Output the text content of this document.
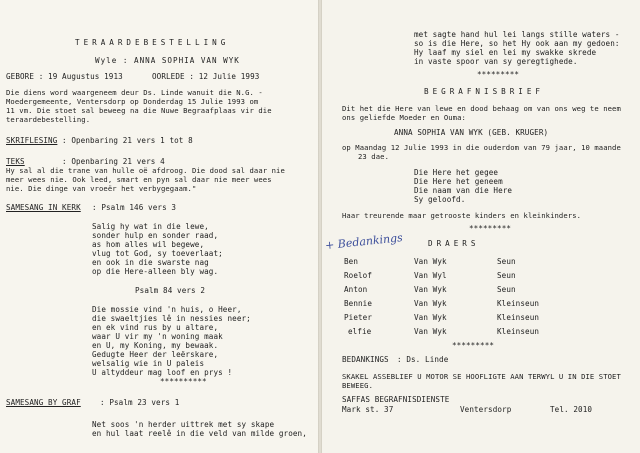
TERAARDEBESTELLING
Wyle : ANNA SOPHIA VAN WYK
GEBORE : 19 Augustus 1913	OORLEDE : 12 Julie 1993
Die diens word waargeneem deur Ds. Linde wanuit die N.G. -
Moedergemeente, Ventersdorp op Donderdag 15 Julie 1993 om
11 vm. Die stoet sal beweeg na die Nuwe Begraafplaas vir die
teraardebestelling.
SKRIFLESING : Openbaring 21 vers 1 tot 8
TEKS	: Openbaring 21 vers 4
Hy sal al die trane van hulle oë afdroog. Die dood sal daar nie
meer wees nie. Ook leed, smart en pyn sal daar nie meer wees
nie. Die dinge van vroeër het verbygegaam."
SAMESANG IN KERK : Psalm 146 vers 3
Salig hy wat in die lewe,
sonder hulp en sonder raad,
as hom alles wil begewe,
vlug tot God, sy toeverlaat;
en ook in die swarste nag
op die Here-alleen bly wag.
Psalm 84 vers 2
Die mossie vind 'n huis, o Heer,
die swaeltjies lê in nessies neer;
en ek vind rus by u altare,
waar U vir my 'n woning maak
en U, my Koning, my bewaak.
Gedugte Heer der leërskare,
welsalig wie in U paleis
U altyddeur mag loof en prys !
**********
SAMESANG BY GRAF	: Psalm 23 vers 1
Net soos 'n herder uittrek met sy skape
en hul laat reelê in die veld van milde groen,
met sagte hand hul lei langs stille waters -
so is die Here, so het Hy ook aan my gedoen:
Hy laaf my siel en lei my swakke skrede
in vaste spoor van sy geregtighede.
*********
BEGRAFNISBRIEF
Dit het die Here van lewe en dood behaag om van ons weg te neem
ons geliefde Moeder en Ouma:
ANNA SOPHIA VAN WYK (GEB. KRUGER)
op Maandag 12 Julie 1993 in die ouderdom van 79 jaar, 10 maande
23 dae.
Die Here het gegee
Die Here het geneem
Die naam van die Here
Sy geloofd.
Haar treurende maar getrooste kinders en kleinkinders.
*********
DRAERS
Ben	Van Wyk	Seun
Roelof	Van Wyl	Seun
Anton	Van Wyk	Seun
Bennie	Van Wyk	Kleinseun
Pieter	Van Wyk	Kleinseun
elfie	Van Wyk	Kleinseun
*********
BEDANKINGS : Ds. Linde
SKAKEL ASSEBLIEF U MOTOR SE HOOFLIGTE AAN TERWYL U IN DIE STOET
BEWEEG.
SAFFAS BEGRAFNISDIENSTE
Mark st. 37	Ventersdorp	Tel. 2010
+ Bedankings
